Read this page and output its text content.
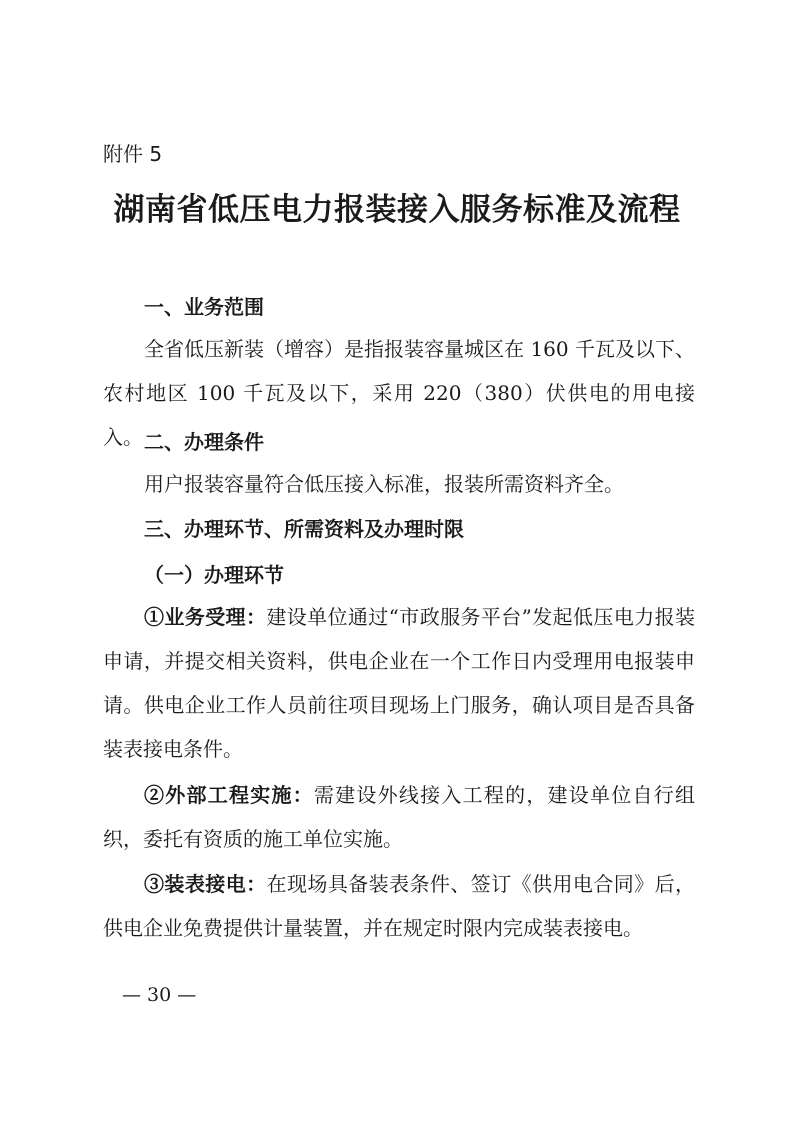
附件 5
湖南省低压电力报装接入服务标准及流程
一、业务范围

全省低压新装（增容）是指报装容量城区在 160 千瓦及以下、农村地区 100 千瓦及以下，采用 220（380）伏供电的用电接入。 二、办理条件

用户报装容量符合低压接入标准，报装所需资料齐全。

三、办理环节、所需资料及办理时限
（一）办理环节

①业务受理：建设单位通过“市政服务平台”发起低压电力报装申请，并提交相关资料，供电企业在一个工作日内受理用电报装申请。供电企业工作人员前往项目现场上门服务，确认项目是否具备装表接电条件。

②外部工程实施：需建设外线接入工程的，建设单位自行组织，委托有资质的施工单位实施。

③装表接电：在现场具备装表条件、签订《供用电合同》后，供电企业免费提供计量装置，并在规定时限内完成装表接电。

— 30 —
